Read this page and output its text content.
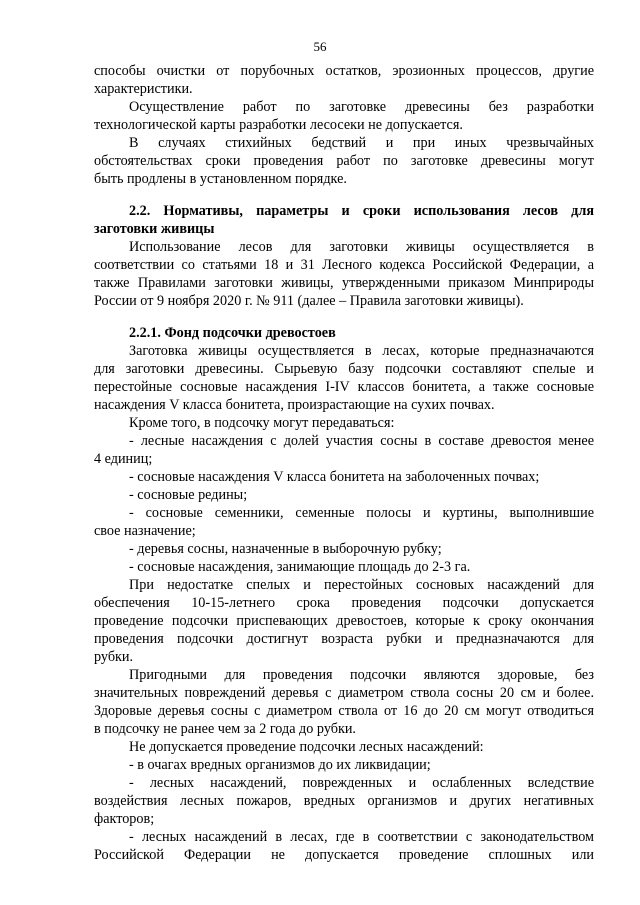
56
способы очистки от порубочных остатков, эрозионных процессов, другие
характеристики.
Осуществление работ по заготовке древесины без разработки
технологической карты разработки лесосеки не допускается.
В случаях стихийных бедствий и при иных чрезвычайных
обстоятельствах сроки проведения работ по заготовке древесины могут
быть продлены в установленном порядке.
2.2. Нормативы, параметры и сроки использования лесов для
заготовки живицы
Использование лесов для заготовки живицы осуществляется в
соответствии со статьями 18 и 31 Лесного кодекса Российской Федерации, а
также Правилами заготовки живицы, утвержденными приказом Минприроды
России от 9 ноября 2020 г. № 911 (далее – Правила заготовки живицы).
2.2.1. Фонд подсочки древостоев
Заготовка живицы осуществляется в лесах, которые предназначаются
для заготовки древесины. Сырьевую базу подсочки составляют спелые и
перестойные сосновые насаждения I-IV классов бонитета, а также сосновые
насаждения V класса бонитета, произрастающие на сухих почвах.
Кроме того, в подсочку могут передаваться:
- лесные насаждения с долей участия сосны в составе древостоя менее
4 единиц;
- сосновые насаждения V класса бонитета на заболоченных почвах;
- сосновые редины;
- сосновые семенники, семенные полосы и куртины, выполнившие
свое назначение;
- деревья сосны, назначенные в выборочную рубку;
- сосновые насаждения, занимающие площадь до 2-3 га.
При недостатке спелых и перестойных сосновых насаждений для
обеспечения 10-15-летнего срока проведения подсочки допускается
проведение подсочки приспевающих древостоев, которые к сроку окончания
проведения подсочки достигнут возраста рубки и предназначаются для
рубки.
Пригодными для проведения подсочки являются здоровые, без
значительных повреждений деревья с диаметром ствола сосны 20 см и более.
Здоровые деревья сосны с диаметром ствола от 16 до 20 см могут отводиться
в подсочку не ранее чем за 2 года до рубки.
Не допускается проведение подсочки лесных насаждений:
- в очагах вредных организмов до их ликвидации;
- лесных насаждений, поврежденных и ослабленных вследствие
воздействия лесных пожаров, вредных организмов и других негативных
факторов;
- лесных насаждений в лесах, где в соответствии с законодательством
Российской Федерации не допускается проведение сплошных или
